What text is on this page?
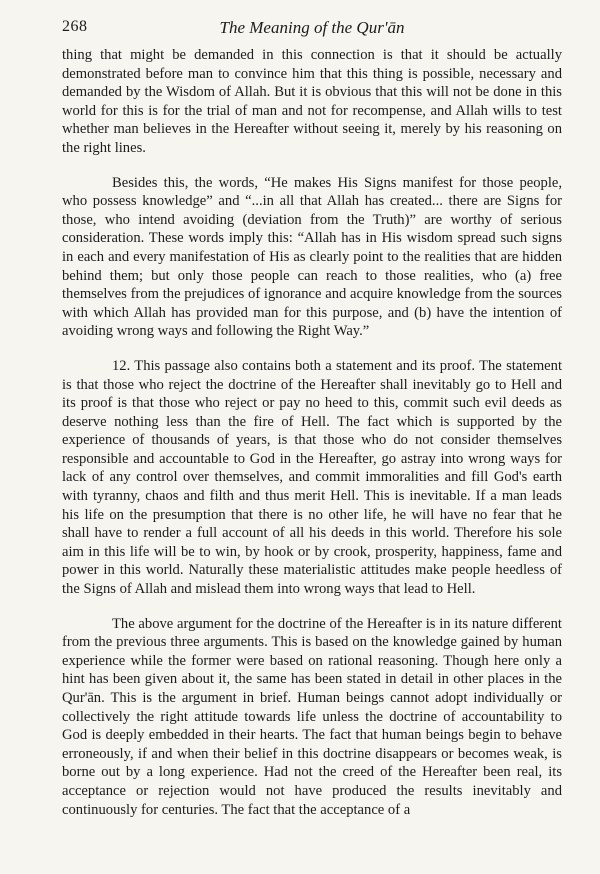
268	The Meaning of the Qur'ān

thing that might be demanded in this connection is that it should be actually demonstrated before man to convince him that this thing is possible, necessary and demanded by the Wisdom of Allah. But it is obvious that this will not be done in this world for this is for the trial of man and not for recompense, and Allah wills to test whether man believes in the Hereafter without seeing it, merely by his reasoning on the right lines.

Besides this, the words, “He makes His Signs manifest for those people, who possess knowledge” and “...in all that Allah has created... there are Signs for those, who intend avoiding (deviation from the Truth)” are worthy of serious consideration. These words imply this: “Allah has in His wisdom spread such signs in each and every manifestation of His as clearly point to the realities that are hidden behind them; but only those people can reach to those realities, who (a) free themselves from the prejudices of ignorance and acquire knowledge from the sources with which Allah has provided man for this purpose, and (b) have the intention of avoiding wrong ways and following the Right Way.”

12. This passage also contains both a statement and its proof. The statement is that those who reject the doctrine of the Hereafter shall inevitably go to Hell and its proof is that those who reject or pay no heed to this, commit such evil deeds as deserve nothing less than the fire of Hell. The fact which is supported by the experience of thousands of years, is that those who do not consider themselves responsible and accountable to God in the Hereafter, go astray into wrong ways for lack of any control over themselves, and commit immoralities and fill God's earth with tyranny, chaos and filth and thus merit Hell. This is inevitable. If a man leads his life on the presumption that there is no other life, he will have no fear that he shall have to render a full account of all his deeds in this world. Therefore his sole aim in this life will be to win, by hook or by crook, prosperity, happiness, fame and power in this world. Naturally these materialistic attitudes make people heedless of the Signs of Allah and mislead them into wrong ways that lead to Hell.

The above argument for the doctrine of the Hereafter is in its nature different from the previous three arguments. This is based on the knowledge gained by human experience while the former were based on rational reasoning. Though here only a hint has been given about it, the same has been stated in detail in other places in the Qur'ān. This is the argument in brief. Human beings cannot adopt individually or collectively the right attitude towards life unless the doctrine of accountability to God is deeply embedded in their hearts. The fact that human beings begin to behave erroneously, if and when their belief in this doctrine disappears or becomes weak, is borne out by a long experience. Had not the creed of the Hereafter been real, its acceptance or rejection would not have produced the results inevitably and continuously for centuries. The fact that the acceptance of a
